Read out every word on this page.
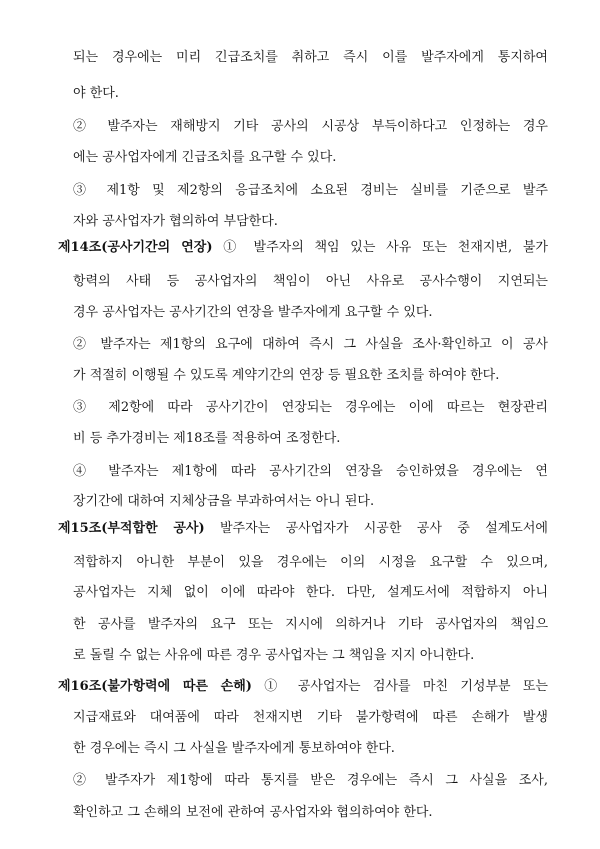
되는 경우에는 미리 긴급조치를 취하고 즉시 이를 발주자에게 통지하여
야 한다.
② 발주자는 재해방지 기타 공사의 시공상 부득이하다고 인정하는 경우
에는 공사업자에게 긴급조치를 요구할 수 있다.
③ 제1항 및 제2항의 응급조치에 소요된 경비는 실비를 기준으로 발주
자와 공사업자가 협의하여 부담한다.
제14조(공사기간의 연장) ① 발주자의 책임 있는 사유 또는 천재지변, 불가
항력의 사태 등 공사업자의 책임이 아닌 사유로 공사수행이 지연되는
경우 공사업자는 공사기간의 연장을 발주자에게 요구할 수 있다.
② 발주자는 제1항의 요구에 대하여 즉시 그 사실을 조사·확인하고 이 공사
가 적절히 이행될 수 있도록 계약기간의 연장 등 필요한 조치를 하여야 한다.
③ 제2항에 따라 공사기간이 연장되는 경우에는 이에 따르는 현장관리
비 등 추가경비는 제18조를 적용하여 조정한다.
④ 발주자는 제1항에 따라 공사기간의 연장을 승인하였을 경우에는 연
장기간에 대하여 지체상금을 부과하여서는 아니 된다.
제15조(부적합한 공사) 발주자는 공사업자가 시공한 공사 중 설계도서에
적합하지 아니한 부분이 있을 경우에는 이의 시정을 요구할 수 있으며,
공사업자는 지체 없이 이에 따라야 한다. 다만, 설계도서에 적합하지 아니
한 공사를 발주자의 요구 또는 지시에 의하거나 기타 공사업자의 책임으
로 돌릴 수 없는 사유에 따른 경우 공사업자는 그 책임을 지지 아니한다.
제16조(불가항력에 따른 손해) ① 공사업자는 검사를 마친 기성부분 또는
지급재료와 대여품에 따라 천재지변 기타 불가항력에 따른 손해가 발생
한 경우에는 즉시 그 사실을 발주자에게 통보하여야 한다.
② 발주자가 제1항에 따라 통지를 받은 경우에는 즉시 그 사실을 조사,
확인하고 그 손해의 보전에 관하여 공사업자와 협의하여야 한다.
